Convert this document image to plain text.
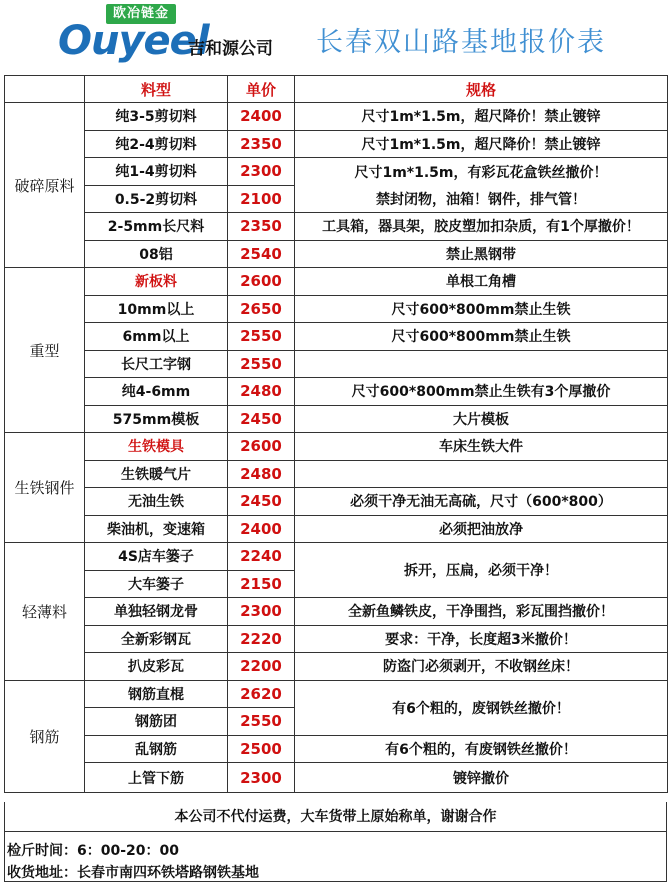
欧冶链金
Ouyeel
吉和源公司 长春双山路基地报价表
	料型	单价	规格
破碎原料	纯3-5剪切料	2400	尺寸1m*1.5m，超尺降价！禁止镀锌
	纯2-4剪切料	2350	尺寸1m*1.5m，超尺降价！禁止镀锌
	纯1-4剪切料	2300	尺寸1m*1.5m，有彩瓦花盒铁丝撤价！
	0.5-2剪切料	2100	禁封闭物，油箱！钢件，排气管！
	2-5mm长尺料	2350	工具箱，器具架，胶皮塑加扣杂质，有1个厚撤价！
	08铝	2540	禁止黑钢带
重型	新板料	2600	单根工角槽
	10mm以上	2650	尺寸600*800mm禁止生铁
	6mm以上	2550	尺寸600*800mm禁止生铁
	长尺工字钢	2550	
	纯4-6mm	2480	尺寸600*800mm禁止生铁有3个厚撤价
	575mm模板	2450	大片模板
生铁钢件	生铁模具	2600	车床生铁大件
	生铁暖气片	2480	
	无油生铁	2450	必须干净无油无高硫，尺寸（600*800）
	柴油机，变速箱	2400	必须把油放净
轻薄料	4S店车篓子	2240	拆开，压扁，必须干净！
	大车篓子	2150	
	单独轻钢龙骨	2300	全新鱼鳞铁皮，干净围挡，彩瓦围挡撤价！
	全新彩钢瓦	2220	要求：干净，长度超3米撤价！
	扒皮彩瓦	2200	防盗门必须剥开，不收钢丝床！
钢筋	钢筋直棍	2620	有6个粗的，废钢铁丝撤价！
	钢筋团	2550	
	乱钢筋	2500	有6个粗的，有废钢铁丝撤价！
	上管下筋	2300	镀锌撤价
本公司不代付运费，大车货带上原始称单，谢谢合作
检斤时间：6：00-20：00
收货地址：长春市南四环铁塔路钢铁基地
